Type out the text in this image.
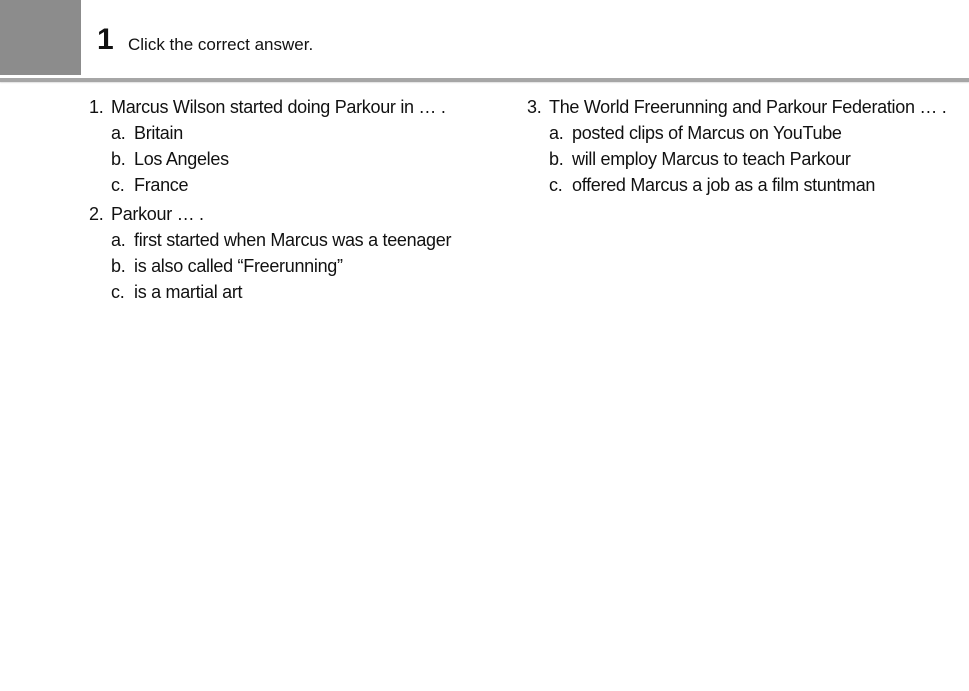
1 Click the correct answer.
1. Marcus Wilson started doing Parkour in … .
a. Britain
b. Los Angeles
c. France
2. Parkour … .
a. first started when Marcus was a teenager
b. is also called “Freerunning”
c. is a martial art
3. The World Freerunning and Parkour Federation … .
a. posted clips of Marcus on YouTube
b. will employ Marcus to teach Parkour
c. offered Marcus a job as a film stuntman
